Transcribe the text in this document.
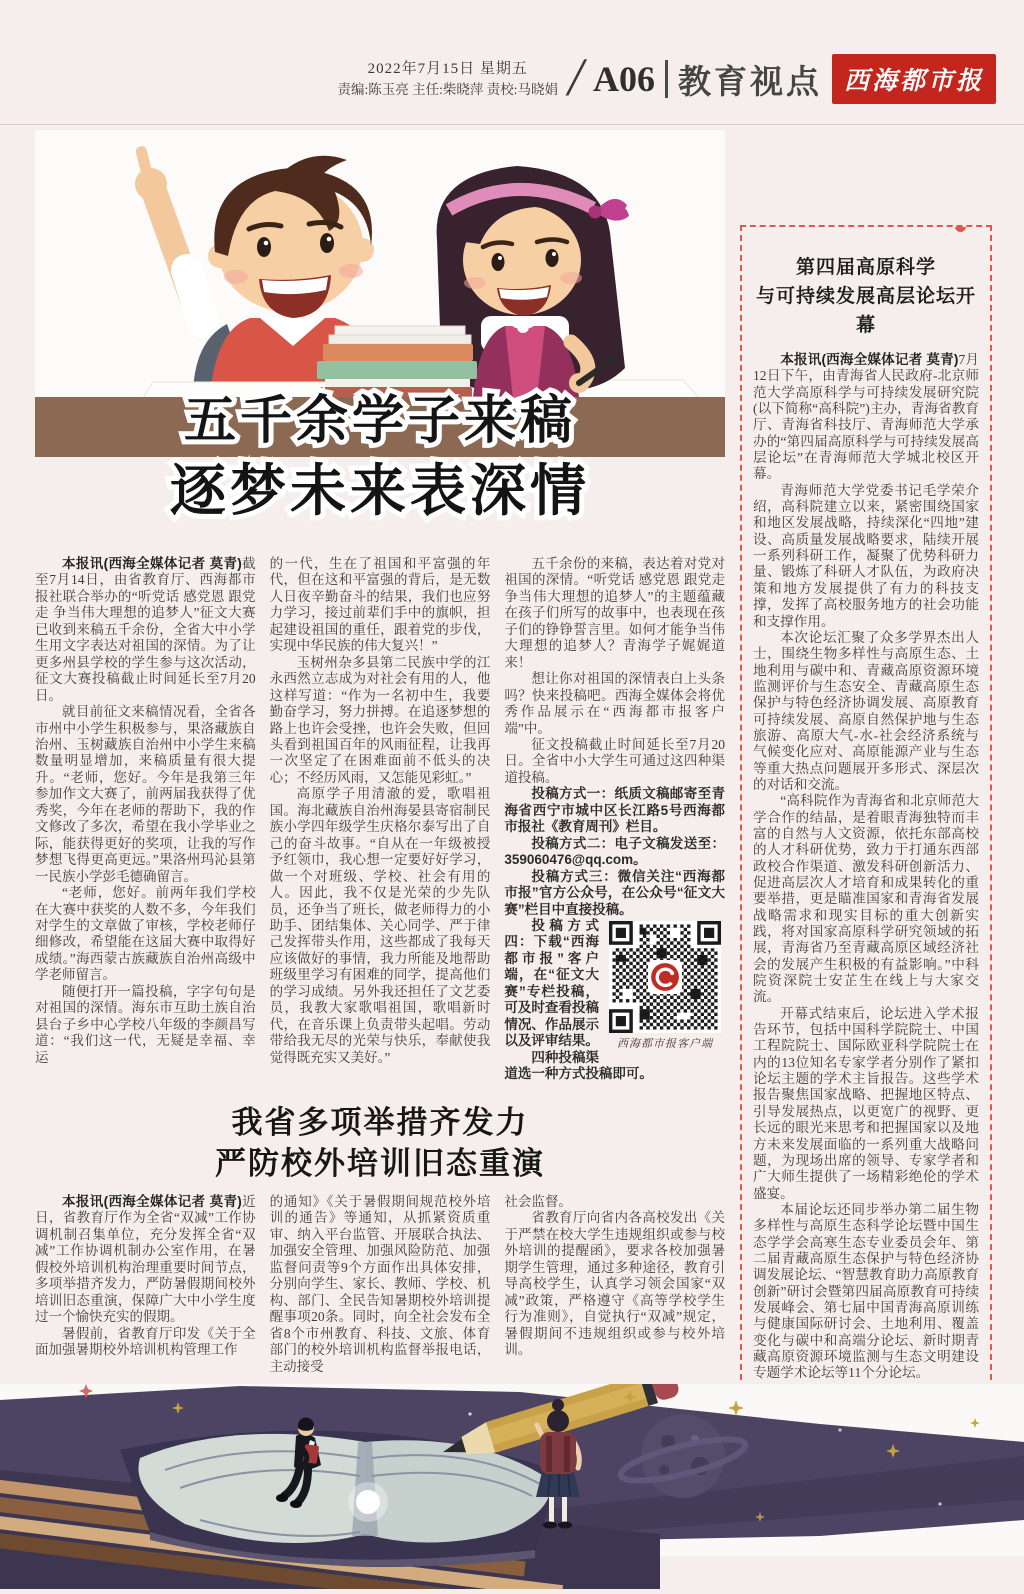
2022年7月15日 星期五
责编:陈玉亮 主任:柴晓萍 责校:马晓娟 / A06 教育视点 西海都市报
五千余学子来稿
逐梦未来表深情

本报讯(西海全媒体记者 莫青)截至7月14日，由省教育厅、西海都市报社联合举办的“听党话 感党恩 跟党走 争当伟大理想的追梦人”征文大赛已收到来稿五千余份，全省大中小学生用文字表达对祖国的深情。为了让更多州县学校的学生参与这次活动，征文大赛投稿截止时间延长至7月20日。

就目前征文来稿情况看，全省各市州中小学生积极参与，果洛藏族自治州、玉树藏族自治州中小学生来稿数量明显增加，来稿质量有很大提升。“老师，您好。今年是我第三年参加作文大赛了，前两届我获得了优秀奖，今年在老师的帮助下，我的作文修改了多次，希望在我小学毕业之际，能获得更好的奖项，让我的写作梦想飞得更高更远。”果洛州玛沁县第一民族小学彭毛德确留言。

“老师，您好。前两年我们学校在大赛中获奖的人数不多，今年我们对学生的文章做了审核，学校老师仔细修改，希望能在这届大赛中取得好成绩。”海西蒙古族藏族自治州高级中学老师留言。

随便打开一篇投稿，字字句句是对祖国的深情。海东市互助土族自治县台子乡中心学校八年级的李颜昌写道：“我们这一代，无疑是幸福、幸运

的一代，生在了祖国和平富强的年代，但在这和平富强的背后，是无数人日夜辛勤奋斗的结果，我们也应努力学习，接过前辈们手中的旗帜，担起建设祖国的重任，跟着党的步伐，实现中华民族的伟大复兴！”

玉树州杂多县第二民族中学的江永西然立志成为对社会有用的人，他这样写道：“作为一名初中生，我要勤奋学习，努力拼搏。在追逐梦想的路上也许会受挫，也许会失败，但回头看到祖国百年的风雨征程，让我再一次坚定了在困难面前不低头的决心；不经历风雨，又怎能见彩虹。”

高原学子用清澈的爱，歌唱祖国。海北藏族自治州海晏县寄宿制民族小学四年级学生庆格尔泰写出了自己的奋斗故事。“自从在一年级被授予红领巾，我心想一定要好好学习，做一个对班级、学校、社会有用的人。因此，我不仅是光荣的少先队员，还争当了班长，做老师得力的小助手、团结集体、关心同学、严于律己发挥带头作用，这些都成了我每天应该做好的事情，我力所能及地帮助班级里学习有困难的同学，提高他们的学习成绩。另外我还担任了文艺委员，我教大家歌唱祖国，歌唱新时代，在音乐课上负责带头起唱。劳动带给我无尽的光荣与快乐，奉献使我觉得既充实又美好。”

五千余份的来稿，表达着对党对祖国的深情。“听党话 感党恩 跟党走 争当伟大理想的追梦人”的主题蕴藏在孩子们所写的故事中，也表现在孩子们的铮铮誓言里。如何才能争当伟大理想的追梦人？青海学子娓娓道来！

想让你对祖国的深情表白上头条吗？快来投稿吧。西海全媒体会将优秀作品展示在“西海都市报客户端”中。

征文投稿截止时间延长至7月20日。全省中小大学生可通过这四种渠道投稿。

投稿方式一：纸质文稿邮寄至青海省西宁市城中区长江路5号西海都市报社《教育周刊》栏目。

投稿方式二：电子文稿发送至：359060476@qq.com。

投稿方式三：微信关注“西海都市报”官方公众号，在公众号“征文大赛”栏目中直接投稿。

西海都市报客户端

投稿方式四：下载“西海都市报”客户端，在“征文大赛”专栏投稿，可及时查看投稿情况、作品展示以及评审结果。

四种投稿渠道选一种方式投稿即可。

我省多项举措齐发力
严防校外培训旧态重演

本报讯(西海全媒体记者 莫青)近日，省教育厅作为全省“双减”工作协调机制召集单位，充分发挥全省“双减”工作协调机制办公室作用，在暑假校外培训机构治理重要时间节点，多项举措齐发力，严防暑假期间校外培训旧态重演，保障广大中小学生度过一个愉快充实的假期。

暑假前，省教育厅印发《关于全面加强暑期校外培训机构管理工作

的通知》《关于暑假期间规范校外培训的通告》等通知，从抓紧资质重审、纳入平台监管、开展联合执法、加强安全管理、加强风险防范、加强监督问责等9个方面作出具体安排，分别向学生、家长、教师、学校、机构、部门、全民告知暑期校外培训提醒事项20条。同时，向全社会发布全省8个市州教育、科技、文旅、体育部门的校外培训机构监督举报电话，主动接受

社会监督。

省教育厅向省内各高校发出《关于严禁在校大学生违规组织或参与校外培训的提醒函》，要求各校加强暑期学生管理，通过多种途径，教育引导高校学生，认真学习领会国家“双减”政策，严格遵守《高等学校学生行为准则》，自觉执行“双减”规定，暑假期间不违规组织或参与校外培训。

第四届高原科学
与可持续发展高层论坛开幕

本报讯(西海全媒体记者 莫青)7月12日下午，由青海省人民政府-北京师范大学高原科学与可持续发展研究院(以下简称“高科院”)主办，青海省教育厅、青海省科技厅、青海师范大学承办的“第四届高原科学与可持续发展高层论坛”在青海师范大学城北校区开幕。

青海师范大学党委书记毛学荣介绍，高科院建立以来，紧密围绕国家和地区发展战略，持续深化“四地”建设、高质量发展战略要求，陆续开展一系列科研工作，凝聚了优势科研力量、锻炼了科研人才队伍，为政府决策和地方发展提供了有力的科技支撑，发挥了高校服务地方的社会功能和支撑作用。

本次论坛汇聚了众多学界杰出人士，围绕生物多样性与高原生态、土地利用与碳中和、青藏高原资源环境监测评价与生态安全、青藏高原生态保护与特色经济协调发展、高原教育可持续发展、高原自然保护地与生态旅游、高原大气-水-社会经济系统与气候变化应对、高原能源产业与生态等重大热点问题展开多形式、深层次的对话和交流。

“高科院作为青海省和北京师范大学合作的结晶，是着眼青海独特而丰富的自然与人文资源，依托东部高校的人才科研优势，致力于打通东西部政校合作渠道、激发科研创新活力、促进高层次人才培育和成果转化的重要举措，更是瞄准国家和青海省发展战略需求和现实目标的重大创新实践，将对国家高原科学研究领域的拓展，青海省乃至青藏高原区域经济社会的发展产生积极的有益影响。”中科院资深院士安芷生在线上与大家交流。

开幕式结束后，论坛进入学术报告环节，包括中国科学院院士、中国工程院院士、国际欧亚科学院院士在内的13位知名专家学者分别作了紧扣论坛主题的学术主旨报告。这些学术报告聚焦国家战略、把握地区特点、引导发展热点，以更宽广的视野、更长远的眼光来思考和把握国家以及地方未来发展面临的一系列重大战略问题，为现场出席的领导、专家学者和广大师生提供了一场精彩绝伦的学术盛宴。

本届论坛还同步举办第二届生物多样性与高原生态科学论坛暨中国生态学学会高寒生态专业委员会年、第二届青藏高原生态保护与特色经济协调发展论坛、“智慧教育助力高原教育创新”研讨会暨第四届高原教育可持续发展峰会、第七届中国青海高原训练与健康国际研讨会、土地利用、覆盖变化与碳中和高端分论坛、新时期青藏高原资源环境监测与生态文明建设专题学术论坛等11个分论坛。
